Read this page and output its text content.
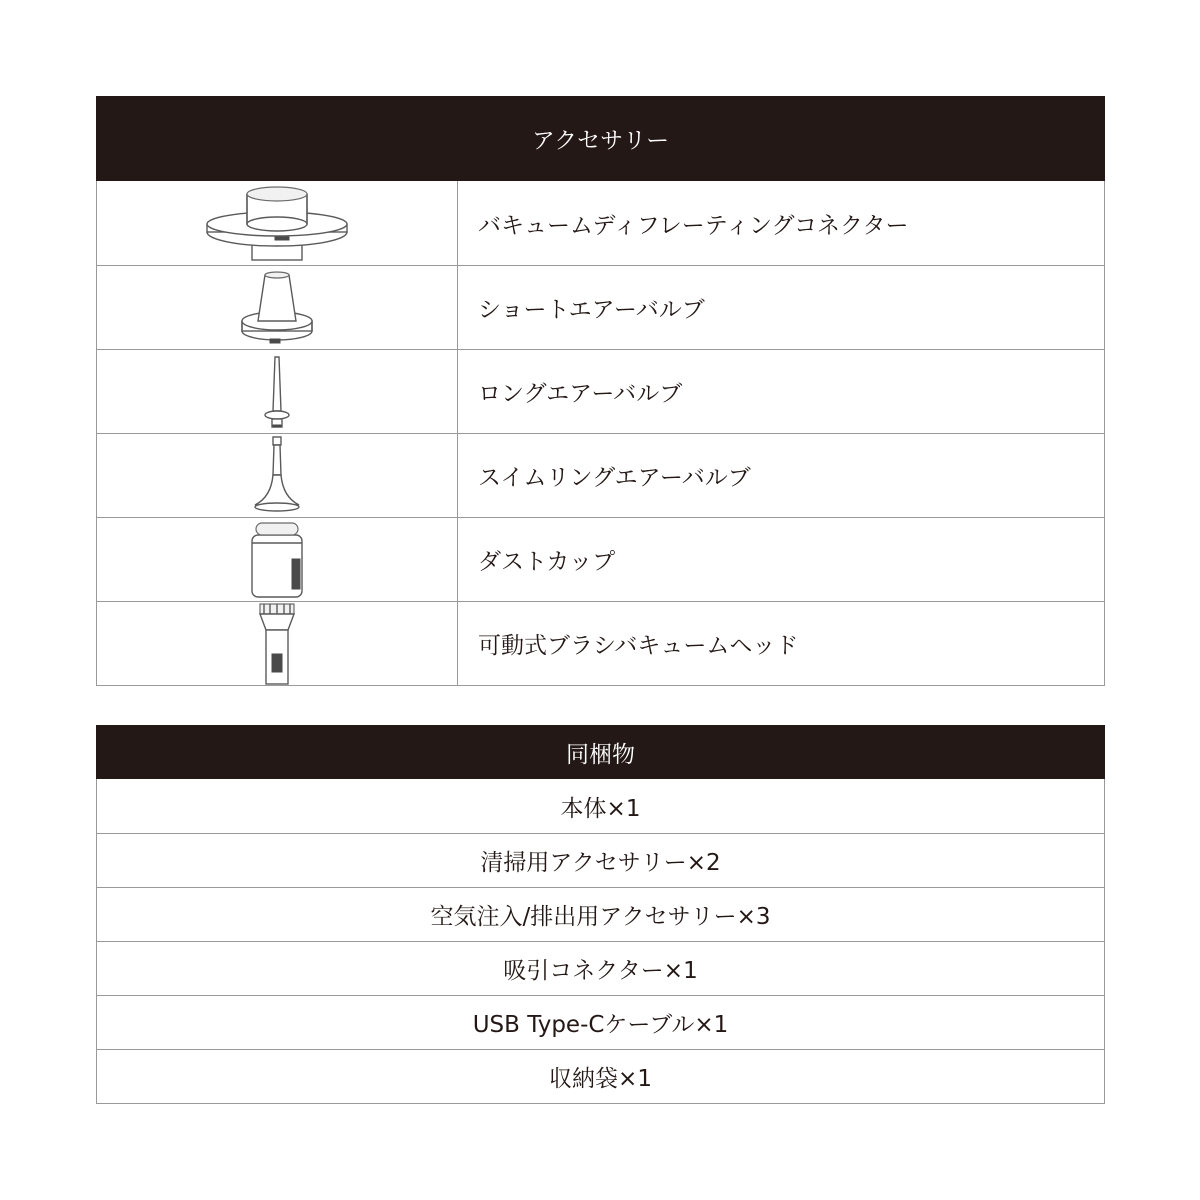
アクセサリー
バキュームディフレーティングコネクター
ショートエアーバルブ
ロングエアーバルブ
スイムリングエアーバルブ
ダストカップ
可動式ブラシバキュームヘッド
同梱物
本体×1
清掃用アクセサリー×2
空気注入/排出用アクセサリー×3
吸引コネクター×1
USB Type-Cケーブル×1
収納袋×1
